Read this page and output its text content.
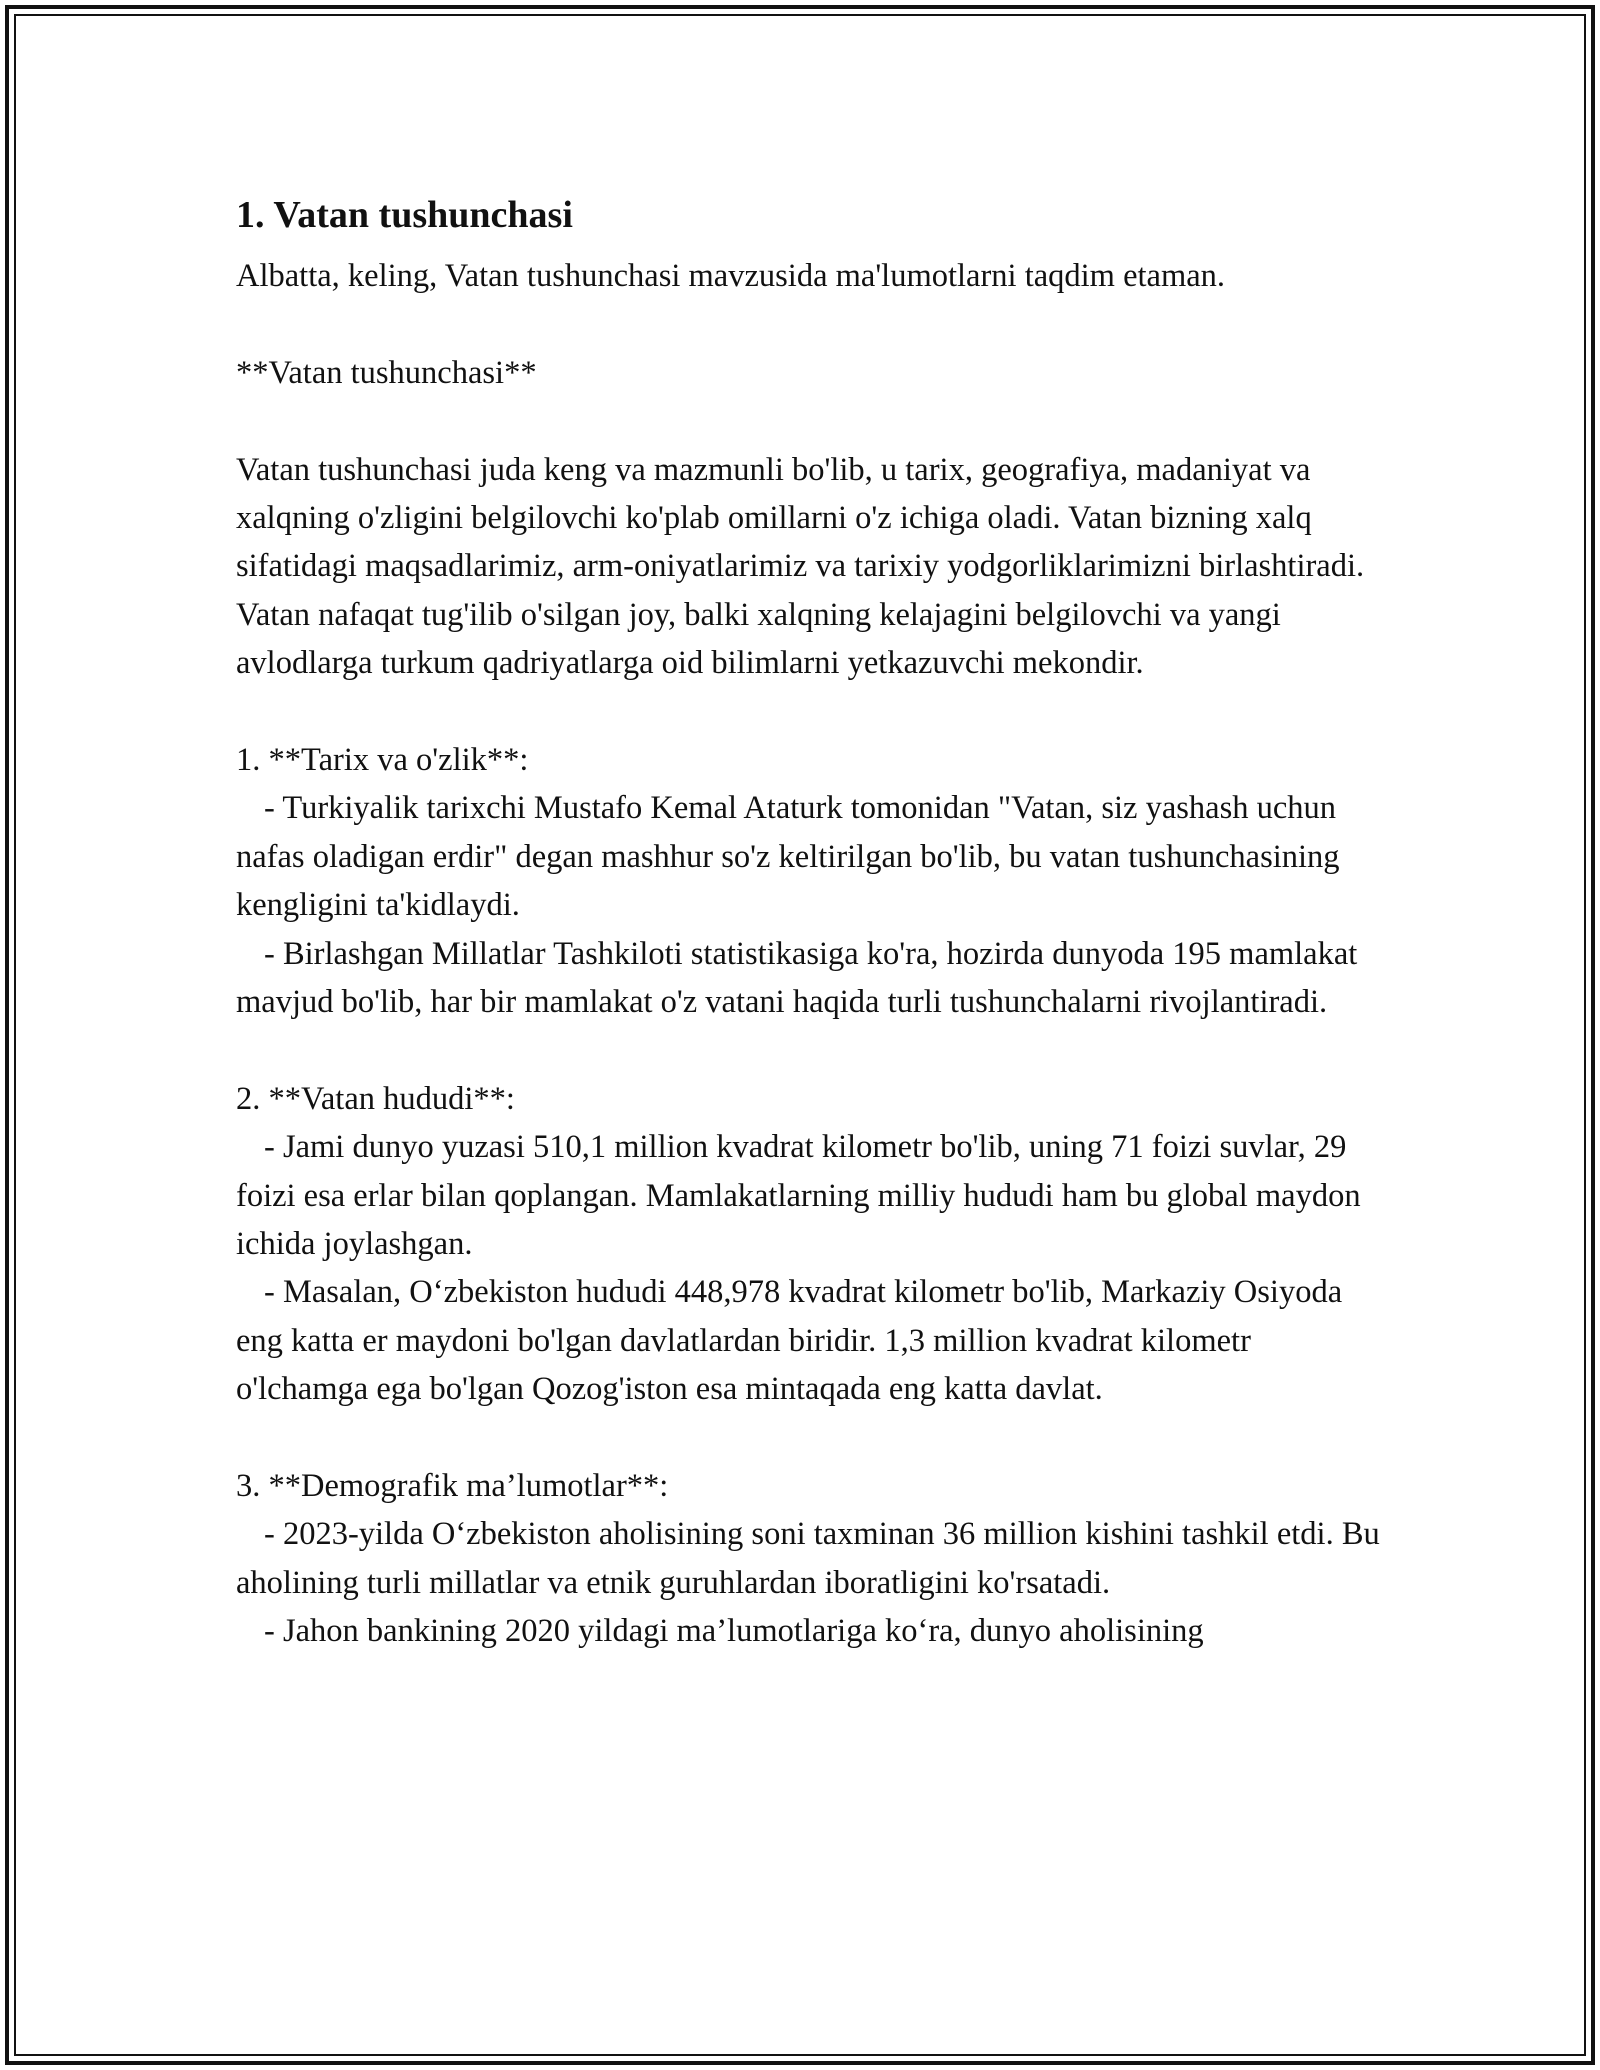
1. Vatan tushunchasi

Albatta, keling, Vatan tushunchasi mavzusida ma'lumotlarni taqdim etaman.

**Vatan tushunchasi**

Vatan tushunchasi juda keng va mazmunli bo'lib, u tarix, geografiya, madaniyat va xalqning o'zligini belgilovchi ko'plab omillarni o'z ichiga oladi. Vatan bizning xalq sifatidagi maqsadlarimiz, arm-oniyatlarimiz va tarixiy yodgorliklarimizni birlashtiradi. Vatan nafaqat tug'ilib o'silgan joy, balki xalqning kelajagini belgilovchi va yangi avlodlarga turkum qadriyatlarga oid bilimlarni yetkazuvchi mekondir.

1. **Tarix va o'zlik**:

- Turkiyalik tarixchi Mustafo Kemal Ataturk tomonidan "Vatan, siz yashash uchun nafas oladigan erdir" degan mashhur so'z keltirilgan bo'lib, bu vatan tushunchasining kengligini ta'kidlaydi.

- Birlashgan Millatlar Tashkiloti statistikasiga ko'ra, hozirda dunyoda 195 mamlakat mavjud bo'lib, har bir mamlakat o'z vatani haqida turli tushunchalarni rivojlantiradi.

2. **Vatan hududi**:

- Jami dunyo yuzasi 510,1 million kvadrat kilometr bo'lib, uning 71 foizi suvlar, 29 foizi esa erlar bilan qoplangan. Mamlakatlarning milliy hududi ham bu global maydon ichida joylashgan.

- Masalan, O‘zbekiston hududi 448,978 kvadrat kilometr bo'lib, Markaziy Osiyoda eng katta er maydoni bo'lgan davlatlardan biridir. 1,3 million kvadrat kilometr o'lchamga ega bo'lgan Qozog'iston esa mintaqada eng katta davlat.

3. **Demografik ma’lumotlar**:

- 2023-yilda O‘zbekiston aholisining soni taxminan 36 million kishini tashkil etdi. Bu aholining turli millatlar va etnik guruhlardan iboratligini ko'rsatadi.

- Jahon bankining 2020 yildagi ma’lumotlariga ko‘ra, dunyo aholisining
